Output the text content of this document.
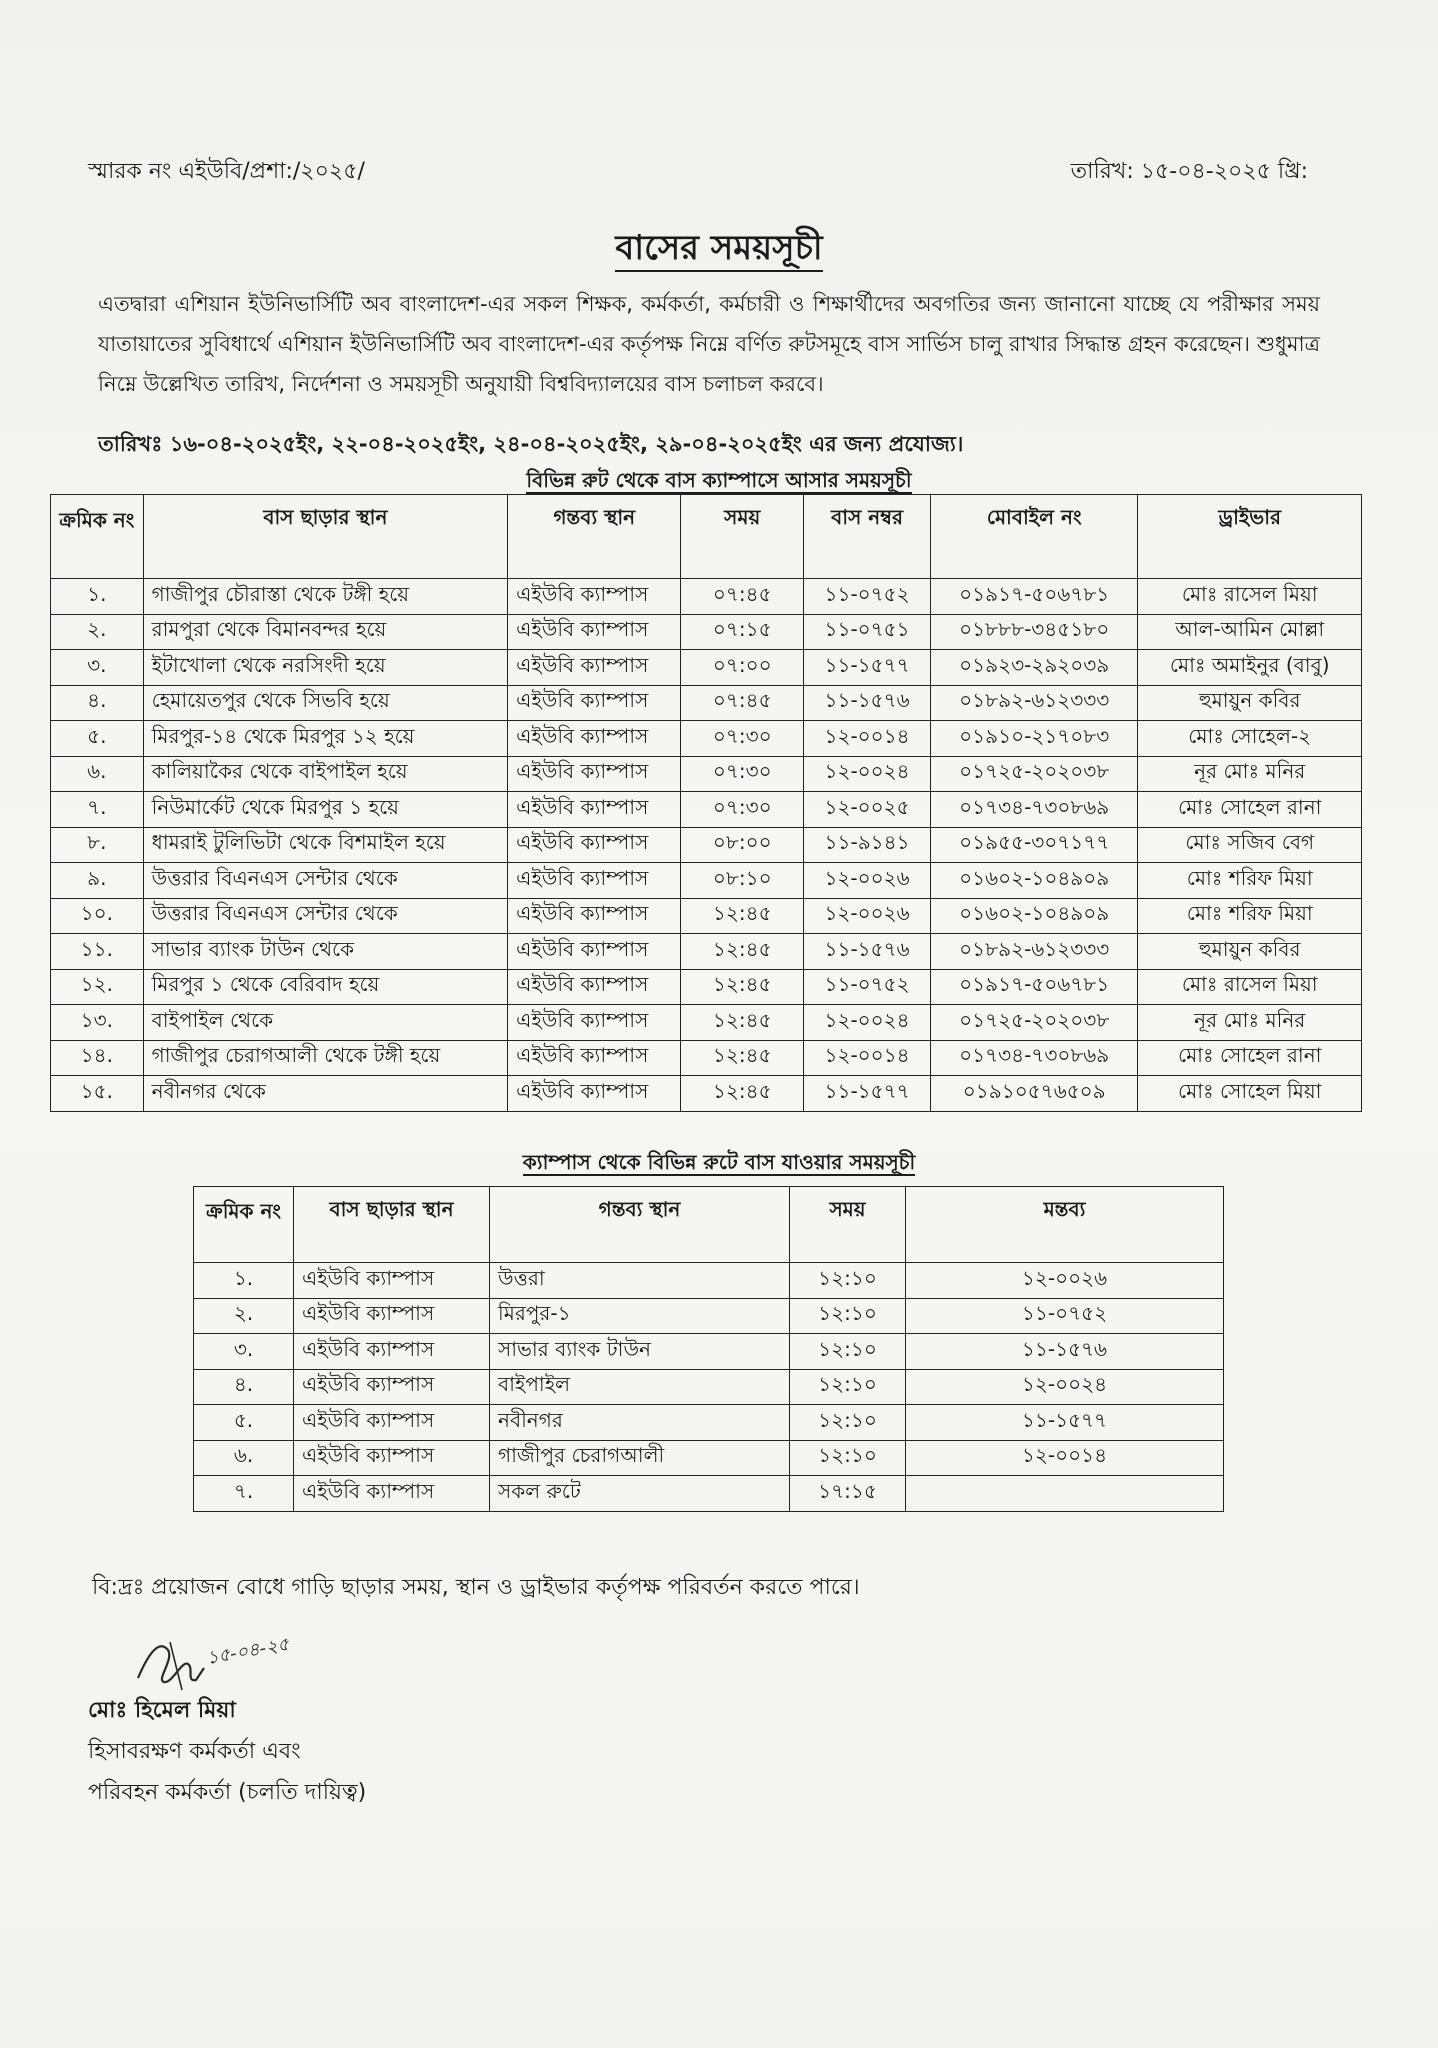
স্মারক নং এইউবি/প্রশা:/২০২৫/	তারিখ: ১৫-০৪-২০২৫ খ্রি:
বাসের সময়সূচী
এতদ্বারা এশিয়ান ইউনিভার্সিটি অব বাংলাদেশ-এর সকল শিক্ষক, কর্মকর্তা, কর্মচারী ও শিক্ষার্থীদের অবগতির জন্য জানানো যাচ্ছে যে পরীক্ষার সময় যাতায়াতের সুবিধার্থে এশিয়ান ইউনিভার্সিটি অব বাংলাদেশ-এর কর্তৃপক্ষ নিম্নে বর্ণিত রুটসমূহে বাস সার্ভিস চালু রাখার সিদ্ধান্ত গ্রহন করেছেন। শুধুমাত্র নিম্নে উল্লেখিত তারিখ, নির্দেশনা ও সময়সূচী অনুযায়ী বিশ্ববিদ্যালয়ের বাস চলাচল করবে।
তারিখঃ ১৬-০৪-২০২৫ইং, ২২-০৪-২০২৫ইং, ২৪-০৪-২০২৫ইং, ২৯-০৪-২০২৫ইং এর জন্য প্রযোজ্য।
বিভিন্ন রুট থেকে বাস ক্যাম্পাসে আসার সময়সূচী
ক্রমিক নং	বাস ছাড়ার স্থান	গন্তব্য স্থান	সময়	বাস নম্বর	মোবাইল নং	ড্রাইভার
১.	গাজীপুর চৌরাস্তা থেকে টঙ্গী হয়ে	এইউবি ক্যাম্পাস	০৭:৪৫	১১-০৭৫২	০১৯১৭-৫০৬৭৮১	মোঃ রাসেল মিয়া
২.	রামপুরা থেকে বিমানবন্দর হয়ে	এইউবি ক্যাম্পাস	০৭:১৫	১১-০৭৫১	০১৮৮৮-৩৪৫১৮০	আল-আমিন মোল্লা
৩.	ইটাখোলা থেকে নরসিংদী হয়ে	এইউবি ক্যাম্পাস	০৭:০০	১১-১৫৭৭	০১৯২৩-২৯২০৩৯	মোঃ অমাইনুর (বাবু)
৪.	হেমায়েতপুর থেকে সিভবি হয়ে	এইউবি ক্যাম্পাস	০৭:৪৫	১১-১৫৭৬	০১৮৯২-৬১২৩৩৩	হুমায়ুন কবির
৫.	মিরপুর-১৪ থেকে মিরপুর ১২ হয়ে	এইউবি ক্যাম্পাস	০৭:৩০	১২-০০১৪	০১৯১০-২১৭০৮৩	মোঃ সোহেল-২
৬.	কালিয়াকৈর থেকে বাইপাইল হয়ে	এইউবি ক্যাম্পাস	০৭:৩০	১২-০০২৪	০১৭২৫-২০২০৩৮	নূর মোঃ মনির
৭.	নিউমার্কেট থেকে মিরপুর ১ হয়ে	এইউবি ক্যাম্পাস	০৭:৩০	১২-০০২৫	০১৭৩৪-৭৩০৮৬৯	মোঃ সোহেল রানা
৮.	ধামরাই টুলিভিটা থেকে বিশমাইল হয়ে	এইউবি ক্যাম্পাস	০৮:০০	১১-৯১৪১	০১৯৫৫-৩০৭১৭৭	মোঃ সজিব বেগ
৯.	উত্তরার বিএনএস সেন্টার থেকে	এইউবি ক্যাম্পাস	০৮:১০	১২-০০২৬	০১৬০২-১০৪৯০৯	মোঃ শরিফ মিয়া
১০.	উত্তরার বিএনএস সেন্টার থেকে	এইউবি ক্যাম্পাস	১২:৪৫	১২-০০২৬	০১৬০২-১০৪৯০৯	মোঃ শরিফ মিয়া
১১.	সাভার ব্যাংক টাউন থেকে	এইউবি ক্যাম্পাস	১২:৪৫	১১-১৫৭৬	০১৮৯২-৬১২৩৩৩	হুমায়ুন কবির
১২.	মিরপুর ১ থেকে বেরিবাদ হয়ে	এইউবি ক্যাম্পাস	১২:৪৫	১১-০৭৫২	০১৯১৭-৫০৬৭৮১	মোঃ রাসেল মিয়া
১৩.	বাইপাইল থেকে	এইউবি ক্যাম্পাস	১২:৪৫	১২-০০২৪	০১৭২৫-২০২০৩৮	নূর মোঃ মনির
১৪.	গাজীপুর চেরাগআলী থেকে টঙ্গী হয়ে	এইউবি ক্যাম্পাস	১২:৪৫	১২-০০১৪	০১৭৩৪-৭৩০৮৬৯	মোঃ সোহেল রানা
১৫.	নবীনগর থেকে	এইউবি ক্যাম্পাস	১২:৪৫	১১-১৫৭৭	০১৯১০৫৭৬৫০৯	মোঃ সোহেল মিয়া
ক্যাম্পাস থেকে বিভিন্ন রুটে বাস যাওয়ার সময়সূচী
ক্রমিক নং	বাস ছাড়ার স্থান	গন্তব্য স্থান	সময়	মন্তব্য
১.	এইউবি ক্যাম্পাস	উত্তরা	১২:১০	১২-০০২৬
২.	এইউবি ক্যাম্পাস	মিরপুর-১	১২:১০	১১-০৭৫২
৩.	এইউবি ক্যাম্পাস	সাভার ব্যাংক টাউন	১২:১০	১১-১৫৭৬
৪.	এইউবি ক্যাম্পাস	বাইপাইল	১২:১০	১২-০০২৪
৫.	এইউবি ক্যাম্পাস	নবীনগর	১২:১০	১১-১৫৭৭
৬.	এইউবি ক্যাম্পাস	গাজীপুর চেরাগআলী	১২:১০	১২-০০১৪
৭.	এইউবি ক্যাম্পাস	সকল রুটে	১৭:১৫	
বি:দ্রঃ প্রয়োজন বোধে গাড়ি ছাড়ার সময়, স্থান ও ড্রাইভার কর্তৃপক্ষ পরিবর্তন করতে পারে।
১৫-০৪-২৫
মোঃ হিমেল মিয়া
হিসাবরক্ষণ কর্মকর্তা এবং
পরিবহন কর্মকর্তা (চলতি দায়িত্ব)
